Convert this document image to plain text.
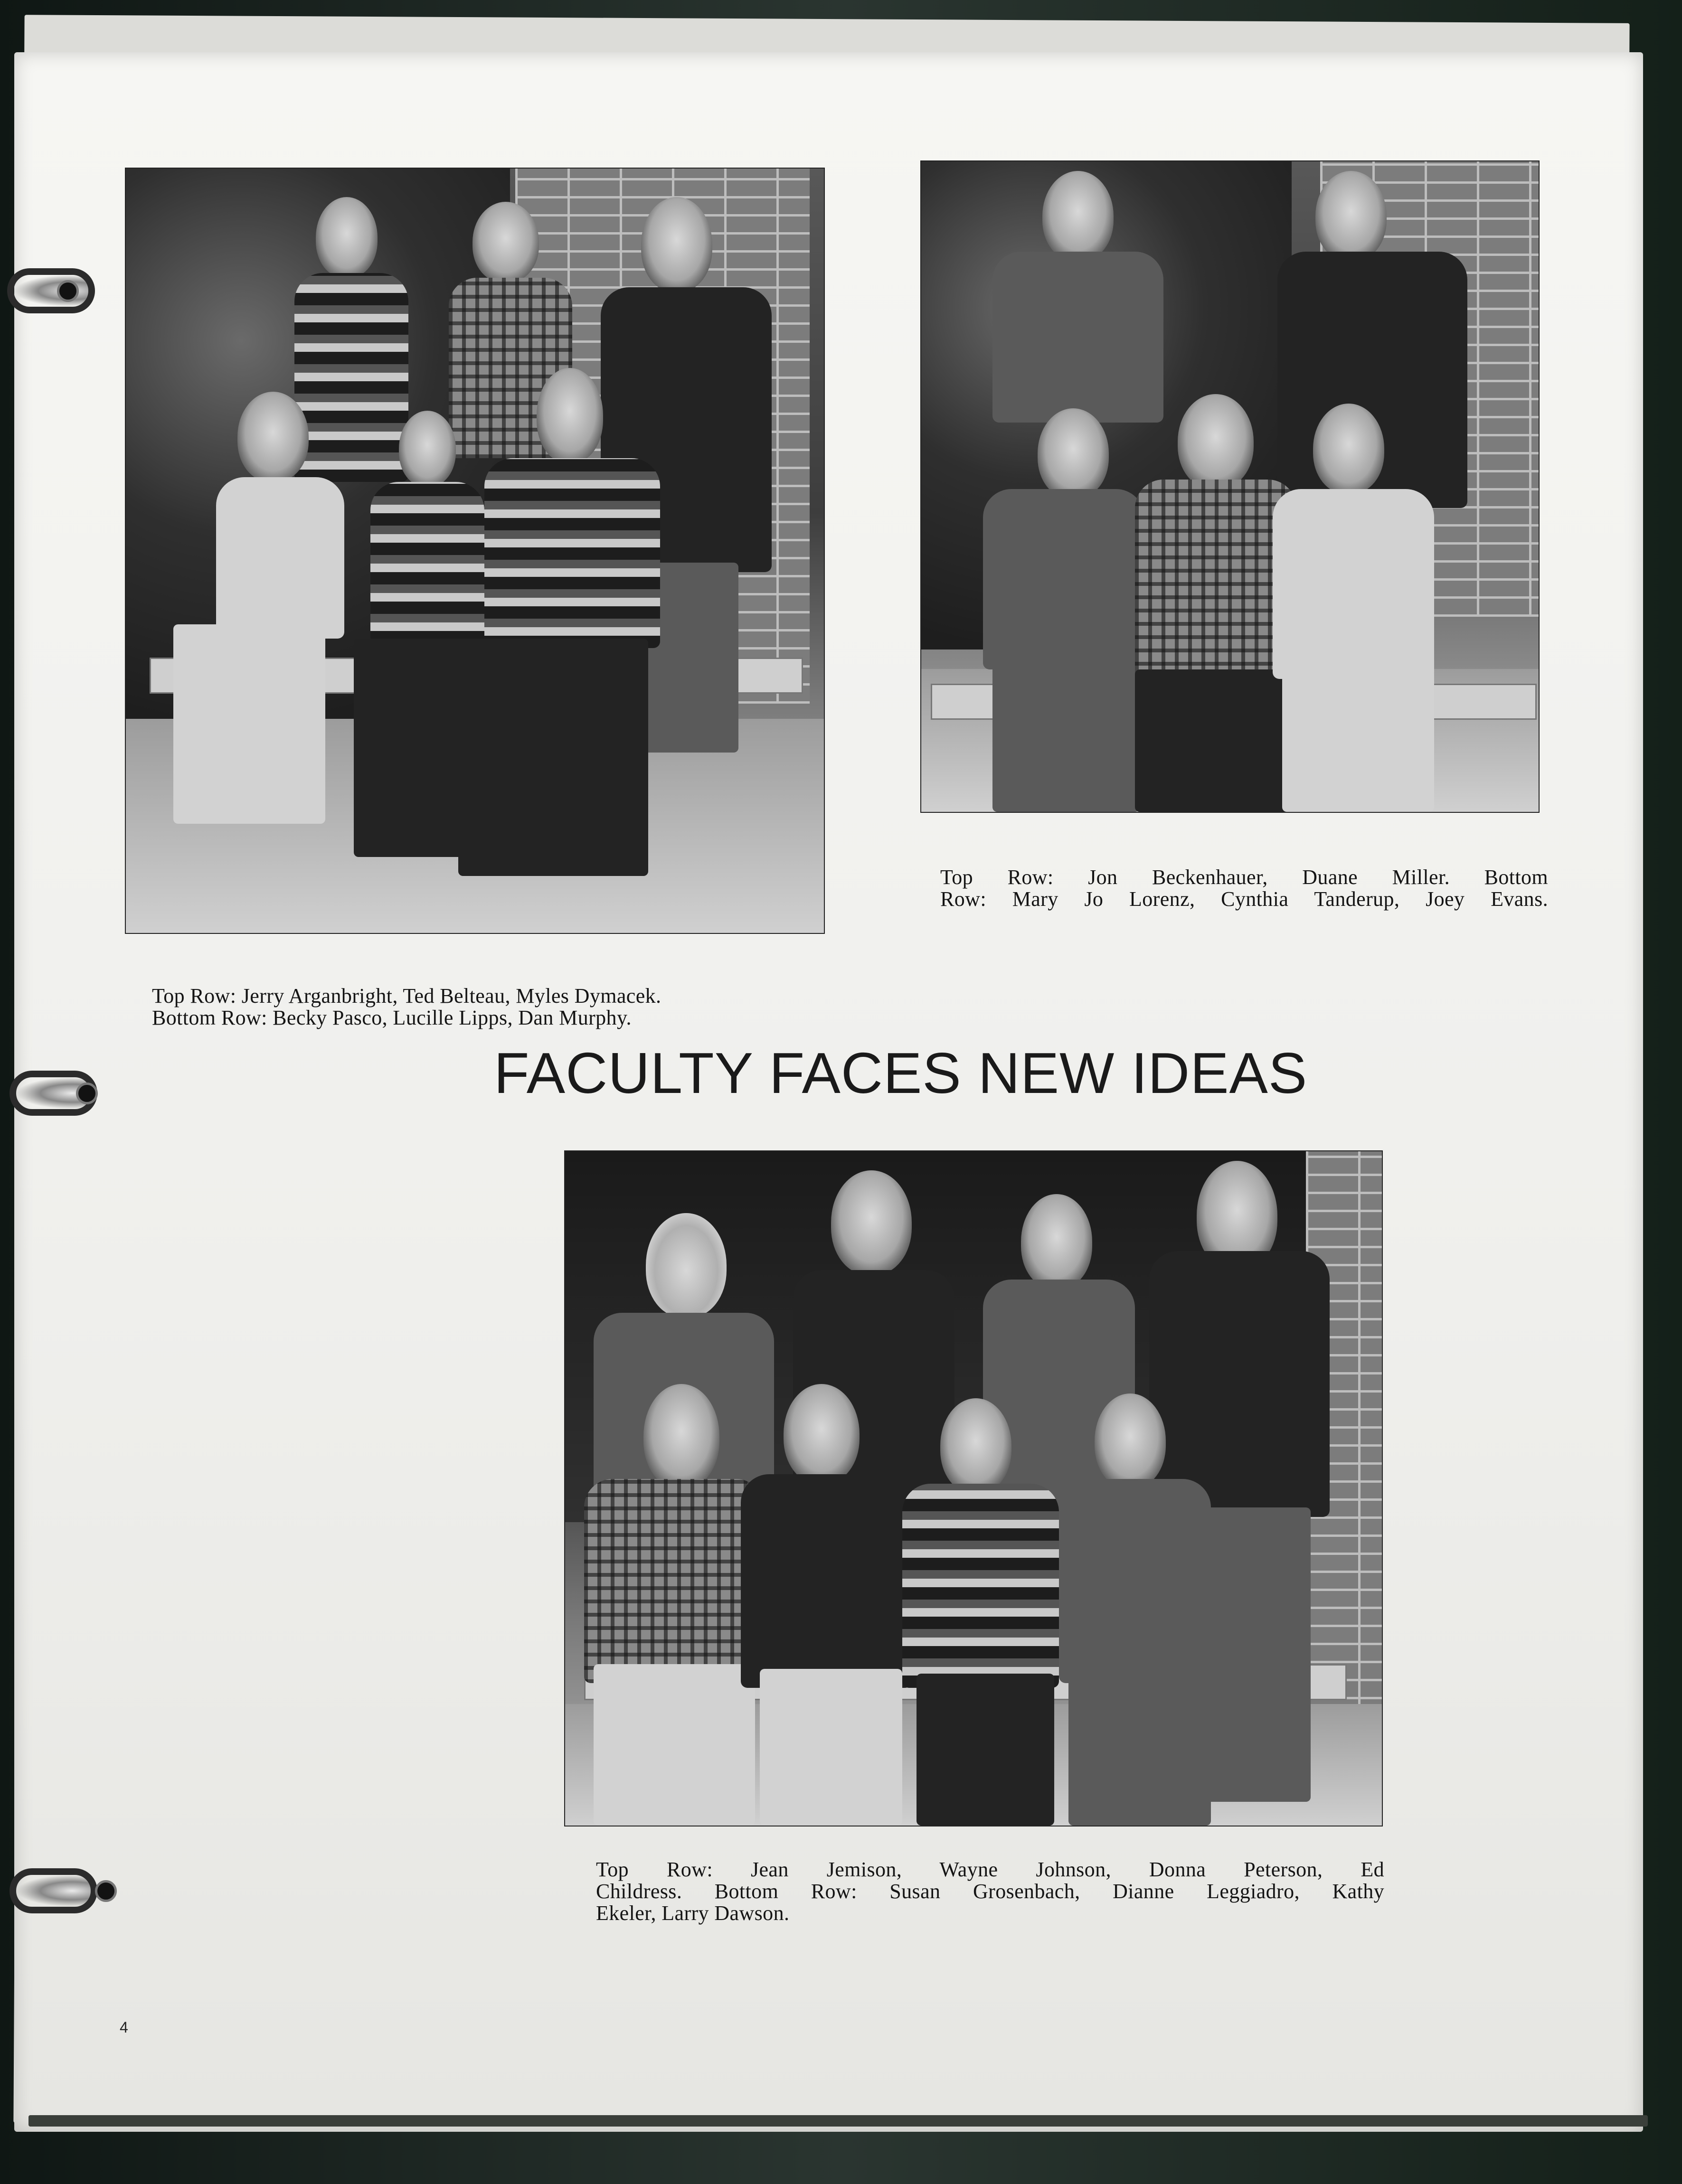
Top Row: Jerry Arganbright, Ted Belteau, Myles Dymacek.
Bottom Row: Becky Pasco, Lucille Lipps, Dan Murphy.

Top Row: Jon Beckenhauer, Duane Miller. Bottom
Row: Mary Jo Lorenz, Cynthia Tanderup, Joey Evans.

FACULTY FACES NEW IDEAS

Top Row: Jean Jemison, Wayne Johnson, Donna Peterson, Ed
Childress. Bottom Row: Susan Grosenbach, Dianne Leggiadro, Kathy

Ekeler, Larry Dawson.

4
